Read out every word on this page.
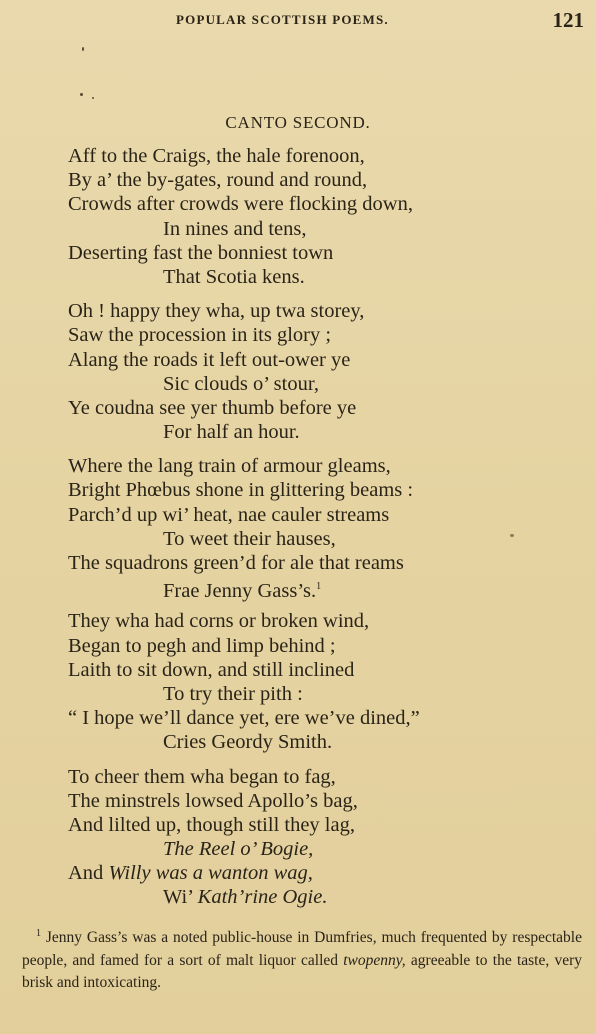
POPULAR SCOTTISH POEMS.	121
CANTO SECOND.
Aff to the Craigs, the hale forenoon,
By a’ the by-gates, round and round,
Crowds after crowds were flocking down,
In nines and tens,
Deserting fast the bonniest town
That Scotia kens.
Oh ! happy they wha, up twa storey,
Saw the procession in its glory ;
Alang the roads it left out-ower ye
Sic clouds o’ stour,
Ye coudna see yer thumb before ye
For half an hour.
Where the lang train of armour gleams,
Bright Phœbus shone in glittering beams :
Parch’d up wi’ heat, nae cauler streams
To weet their hauses,
The squadrons green’d for ale that reams
Frae Jenny Gass’s.$^1$
They wha had corns or broken wind,
Began to pegh and limp behind ;
Laith to sit down, and still inclined
To try their pith :
“ I hope we’ll dance yet, ere we’ve dined,”
Cries Geordy Smith.
To cheer them wha began to fag,
The minstrels lowsed Apollo’s bag,
And lilted up, though still they lag,
The Reel o’ Bogie,
And Willy was a wanton wag,
Wi’ Kath’rine Ogie.
$^1$ Jenny Gass’s was a noted public-house in Dumfries, much frequented by respectable people, and famed for a sort of malt liquor called twopenny, agreeable to the taste, very brisk and intoxicating.
